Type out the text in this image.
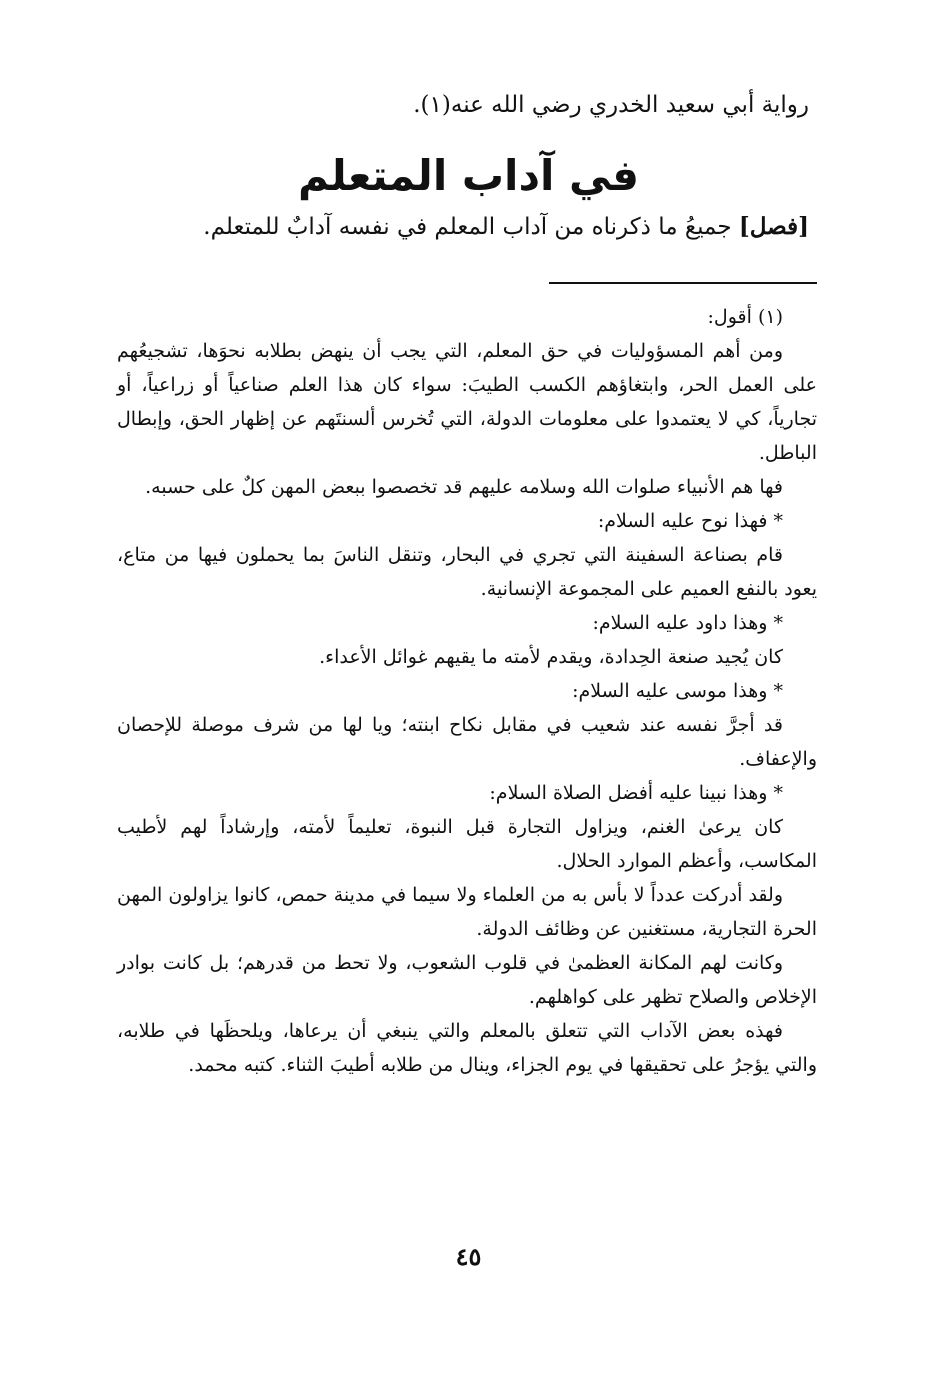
رواية أبي سعيد الخدري رضي الله عنه(١).
في آداب المتعلم
[فصل] جميعُ ما ذكرناه من آداب المعلم في نفسه آدابٌ للمتعلم.

(١) أقول:

ومن أهم المسؤوليات في حق المعلم، التي يجب أن ينهض بطلابه نحوَها، تشجيعُهم على العمل الحر، وابتغاؤهم الكسب الطيبَ: سواء كان هذا العلم صناعياً أو زراعياً، أو تجارياً، كي لا يعتمدوا على معلومات الدولة، التي تُخرس ألسنتَهم عن إظهار الحق، وإبطال الباطل.

فها هم الأنبياء صلوات الله وسلامه عليهم قد تخصصوا ببعض المهن كلٌ على حسبه.

* فهذا نوح عليه السلام:

قام بصناعة السفينة التي تجري في البحار، وتنقل الناسَ بما يحملون فيها من متاع، يعود بالنفع العميم على المجموعة الإنسانية.

* وهذا داود عليه السلام:

كان يُجيد صنعة الحِدادة، ويقدم لأمته ما يقيهم غوائل الأعداء.

* وهذا موسى عليه السلام:

قد أجرَّ نفسه عند شعيب في مقابل نكاح ابنته؛ ويا لها من شرف موصلة للإحصان والإعفاف.

* وهذا نبينا عليه أفضل الصلاة السلام:

كان يرعىٰ الغنم، ويزاول التجارة قبل النبوة، تعليماً لأمته، وإرشاداً لهم لأطيب المكاسب، وأعظم الموارد الحلال.

ولقد أدركت عدداً لا بأس به من العلماء ولا سيما في مدينة حمص، كانوا يزاولون المهن الحرة التجارية، مستغنين عن وظائف الدولة.

وكانت لهم المكانة العظمىٰ في قلوب الشعوب، ولا تحط من قدرهم؛ بل كانت بوادر الإخلاص والصلاح تظهر على كواهلهم.

فهذه بعض الآداب التي تتعلق بالمعلم والتي ينبغي أن يرعاها، ويلحظَها في طلابه، والتي يؤجرُ على تحقيقها في يوم الجزاء، وينال من طلابه أطيبَ الثناء. كتبه محمد.

٤٥
